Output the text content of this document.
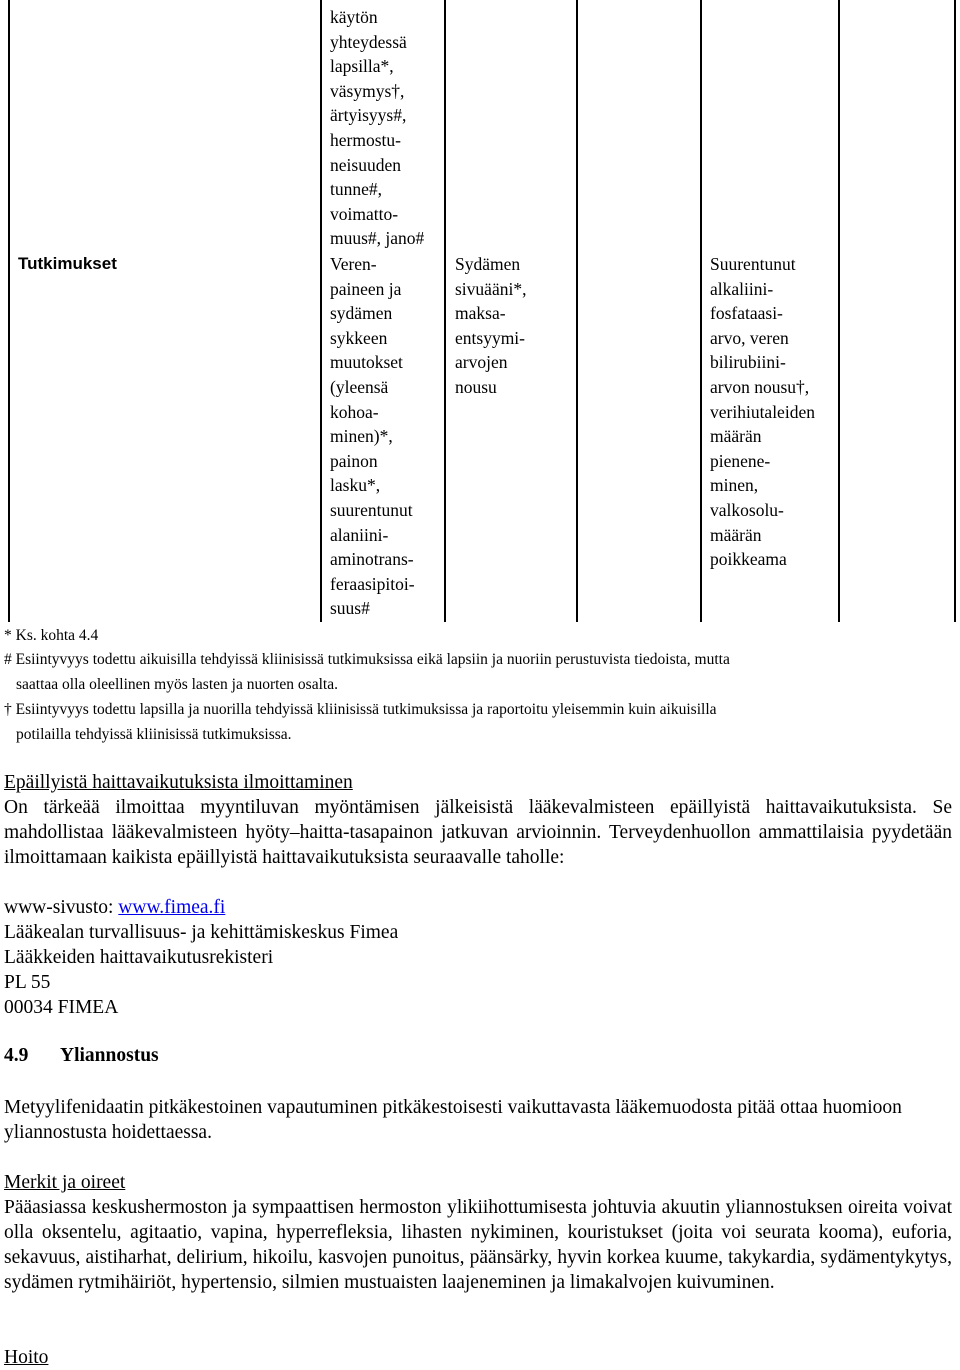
käytön
yhteydessä
lapsilla*,
väsymys†,
ärtyisyys#,
hermostu-
neisuuden
tunne#,
voimatto-
muus#, jano#
Tutkimukset	Veren-
paineen ja
sydämen
sykkeen
muutokset
(yleensä
kohoa-
minen)*,
painon
lasku*,
suurentunut
alaniini-
aminotrans-
feraasipitoi-
suus#
Sydämen
sivuääni*,
maksa-
entsyymi-
arvojen
nousu
Suurentunut
alkaliini-
fosfataasi-
arvo, veren
bilirubiini-
arvon nousu†,
verihiutaleiden
määrän
pienene-
minen,
valkosolu-
määrän
poikkeama
* Ks. kohta 4.4
# Esiintyvyys todettu aikuisilla tehdyissä kliinisissä tutkimuksissa eikä lapsiin ja nuoriin perustuvista tiedoista, mutta
saattaa olla oleellinen myös lasten ja nuorten osalta.
† Esiintyvyys todettu lapsilla ja nuorilla tehdyissä kliinisissä tutkimuksissa ja raportoitu yleisemmin kuin aikuisilla
potilailla tehdyissä kliinisissä tutkimuksissa.
Epäillyistä haittavaikutuksista ilmoittaminen
On tärkeää ilmoittaa myyntiluvan myöntämisen jälkeisistä lääkevalmisteen epäillyistä haittavaikutuksista. Se mahdollistaa lääkevalmisteen hyöty–haitta-tasapainon jatkuvan arvioinnin. Terveydenhuollon ammattilaisia pyydetään ilmoittamaan kaikista epäillyistä haittavaikutuksista seuraavalle taholle:
www-sivusto: www.fimea.fi
Lääkealan turvallisuus- ja kehittämiskeskus Fimea
Lääkkeiden haittavaikutusrekisteri
PL 55
00034 FIMEA
4.9 Yliannostus
Metyylifenidaatin pitkäkestoinen vapautuminen pitkäkestoisesti vaikuttavasta lääkemuodosta pitää ottaa huomioon yliannostusta hoidettaessa.
Merkit ja oireet
Pääasiassa keskushermoston ja sympaattisen hermoston ylikiihottumisesta johtuvia akuutin yliannostuksen oireita voivat olla oksentelu, agitaatio, vapina, hyperrefleksia, lihasten nykiminen, kouristukset (joita voi seurata kooma), euforia, sekavuus, aistiharhat, delirium, hikoilu, kasvojen punoitus, päänsärky, hyvin korkea kuume, takykardia, sydämentykytys, sydämen rytmihäiriöt, hypertensio, silmien mustuaisten laajeneminen ja limakalvojen kuivuminen.
Hoito
